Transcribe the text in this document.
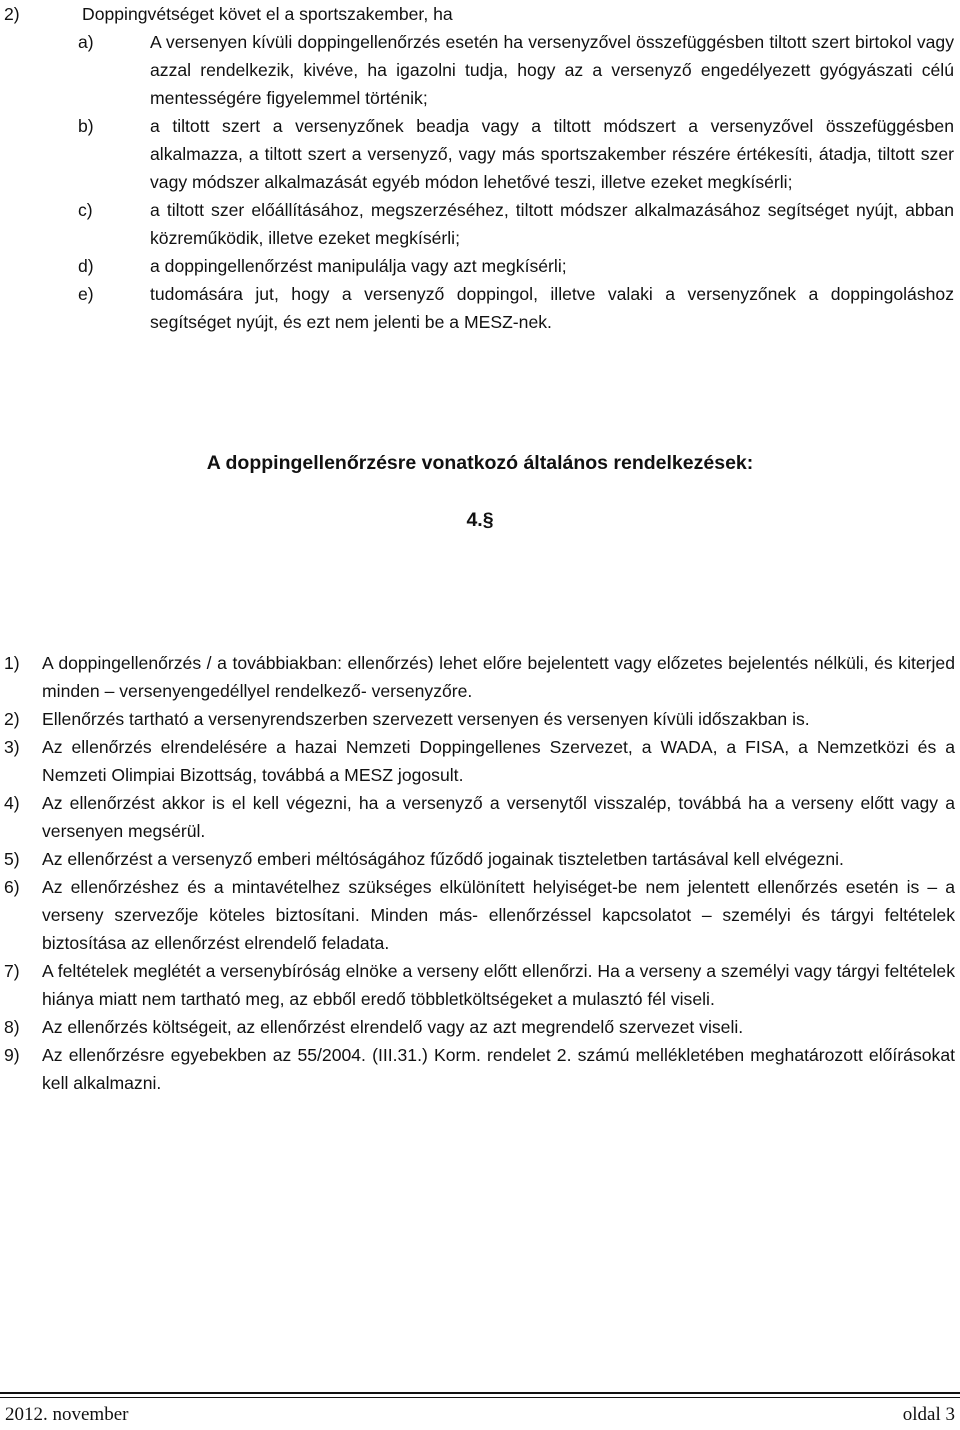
2)	Doppingvétséget követ el a sportszakember, ha
a)	A versenyen kívüli doppingellenőrzés esetén ha versenyzővel összefüggésben tiltott szert birtokol vagy azzal rendelkezik, kivéve, ha igazolni tudja, hogy az a versenyző engedélyezett gyógyászati célú mentességére figyelemmel történik;
b)	a tiltott szert a versenyzőnek beadja vagy a tiltott módszert a versenyzővel összefüggésben alkalmazza, a tiltott szert a versenyző, vagy más sportszakember részére értékesíti, átadja, tiltott szer vagy módszer alkalmazását egyéb módon lehetővé teszi, illetve ezeket megkísérli;
c)	a tiltott szer előállításához, megszerzéséhez, tiltott módszer alkalmazásához segítséget nyújt, abban közreműködik, illetve ezeket megkísérli;
d)	a doppingellenőrzést manipulálja vagy azt megkísérli;
e)	tudomására jut, hogy a versenyző doppingol, illetve valaki a versenyzőnek a doppingoláshoz segítséget nyújt, és ezt nem jelenti be a MESZ-nek.
A doppingellenőrzésre vonatkozó általános rendelkezések:
4.§
1)	A doppingellenőrzés / a továbbiakban: ellenőrzés) lehet előre bejelentett vagy előzetes bejelentés nélküli, és kiterjed minden – versenyengedéllyel rendelkező- versenyzőre.
2)	Ellenőrzés tartható a versenyrendszerben szervezett versenyen és versenyen kívüli időszakban is.
3)	Az ellenőrzés elrendelésére a hazai Nemzeti Doppingellenes Szervezet, a WADA, a FISA, a Nemzetközi és a Nemzeti Olimpiai Bizottság, továbbá a MESZ jogosult.
4)	Az ellenőrzést akkor is el kell végezni, ha a versenyző a versenytől visszalép, továbbá ha a verseny előtt vagy a versenyen megsérül.
5)	Az ellenőrzést a versenyző emberi méltóságához fűződő jogainak tiszteletben tartásával kell elvégezni.
6)	Az ellenőrzéshez és a mintavételhez szükséges elkülönített helyiséget-be nem jelentett ellenőrzés esetén is – a verseny szervezője köteles biztosítani. Minden más- ellenőrzéssel kapcsolatot – személyi és tárgyi feltételek biztosítása az ellenőrzést elrendelő feladata.
7)	A feltételek meglétét a versenybíróság elnöke a verseny előtt ellenőrzi. Ha a verseny a személyi vagy tárgyi feltételek hiánya miatt nem tartható meg, az ebből eredő többletköltségeket a mulasztó fél viseli.
8)	Az ellenőrzés költségeit, az ellenőrzést elrendelő vagy az azt megrendelő szervezet viseli.
9)	Az ellenőrzésre egyebekben az 55/2004. (III.31.) Korm. rendelet 2. számú mellékletében meghatározott előírásokat kell alkalmazni.
2012. november	oldal 3
